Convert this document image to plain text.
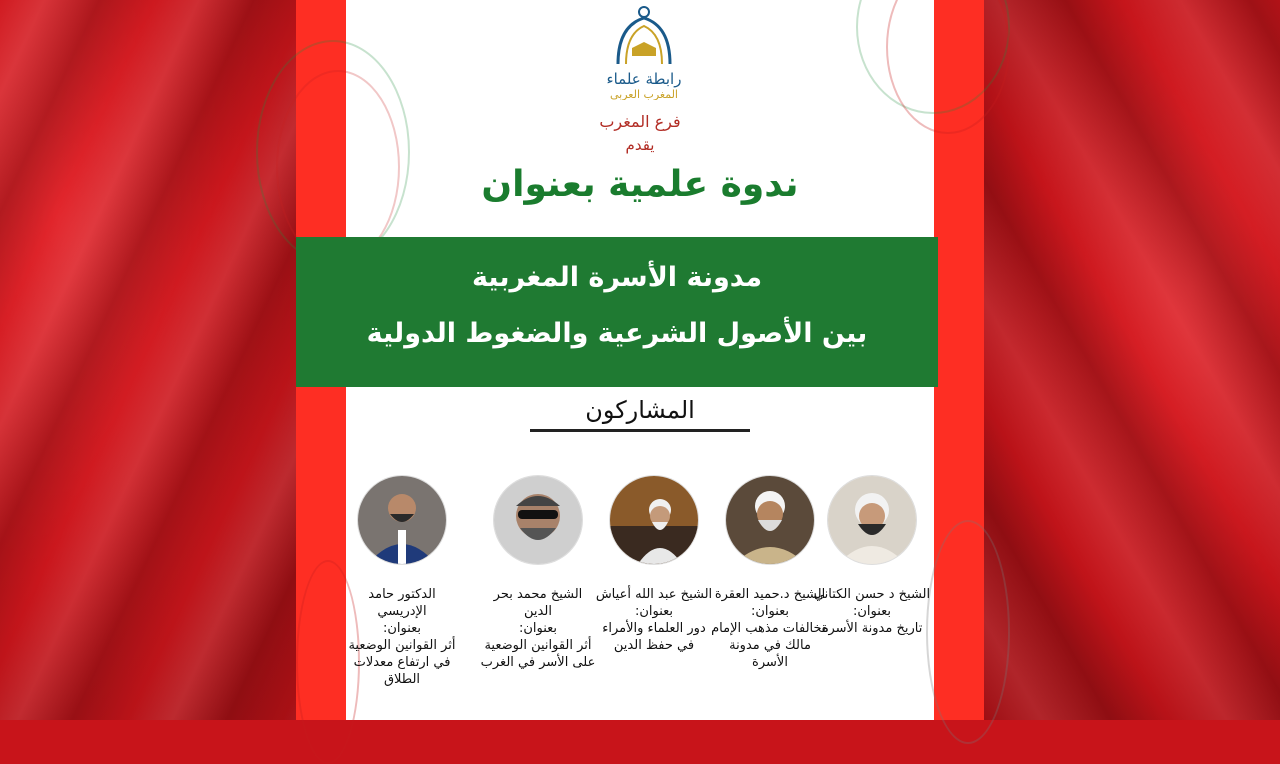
رابطة علماء
المغرب العربي
فرع المغرب
يقدم
ندوة علمية بعنوان
مدونة الأسرة المغربية
بين الأصول الشرعية والضغوط الدولية
المشاركون
الشيخ د حسن الكتاني
بعنوان:
تاريخ مدونة الأسرة
الشيخ د.حميد العقرة
بعنوان:
مخالفات مذهب الإمام مالك في مدونة الأسرة
الشيخ عبد الله أعياش
بعنوان:
دور العلماء والأمراء في حفظ الدين
الشيخ محمد بحر الدين
بعنوان:
أثر القوانين الوضعية على الأسر في الغرب
الدكتور حامد الإدريسي
بعنوان:
أثر القوانين الوضعية في ارتفاع معدلات الطلاق
